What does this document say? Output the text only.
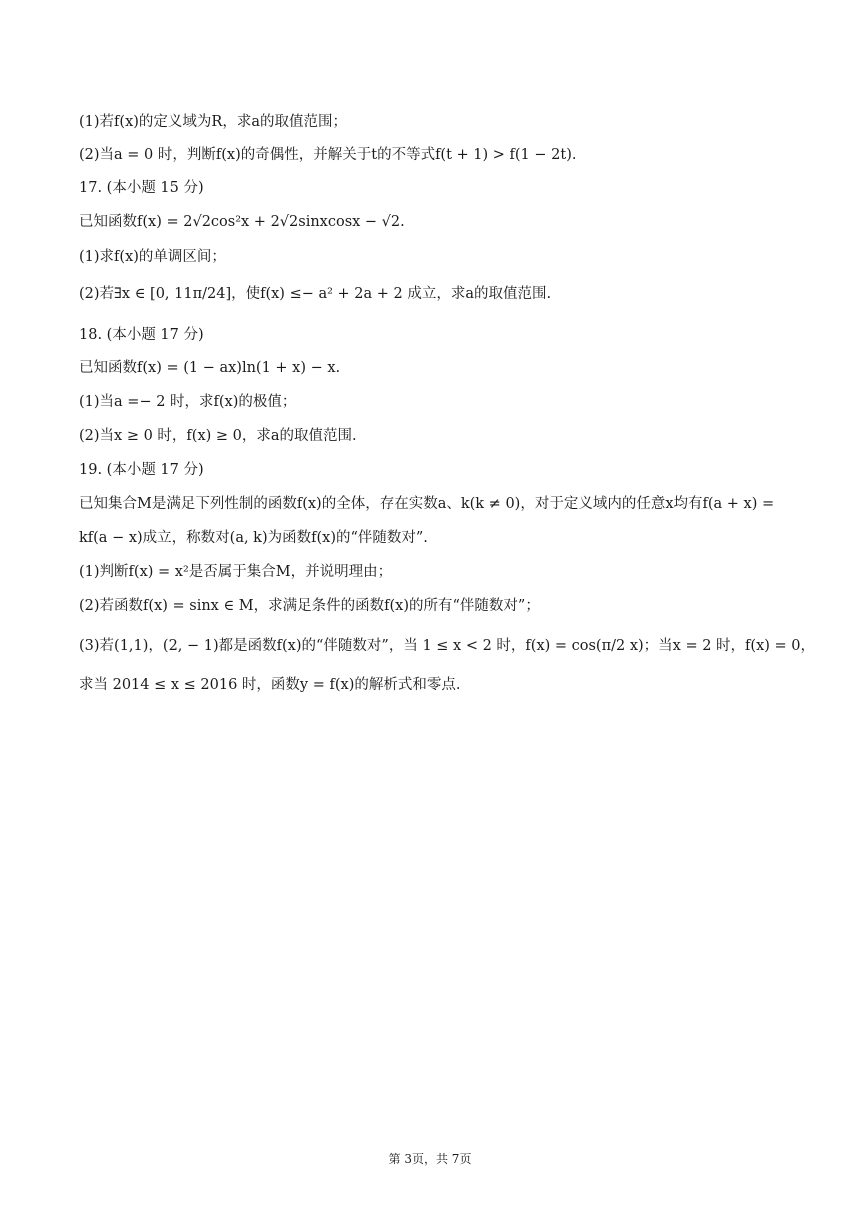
(1)若f(x)的定义域为R，求a的取值范围；
(2)当a = 0 时，判断f(x)的奇偶性，并解关于t的不等式f(t + 1) > f(1 − 2t).
17. (本小题 15 分)
已知函数f(x) = 2√2cos²x + 2√2sinxcosx − √2.
(1)求f(x)的单调区间；
(2)若∃x ∈ [0, 11π/24]，使f(x) ≤− a² + 2a + 2 成立，求a的取值范围.
18. (本小题 17 分)
已知函数f(x) = (1 − ax)ln(1 + x) − x.
(1)当a =− 2 时，求f(x)的极值；
(2)当x ≥ 0 时，f(x) ≥ 0，求a的取值范围.
19. (本小题 17 分)
已知集合M是满足下列性制的函数f(x)的全体，存在实数a、k(k ≠ 0)，对于定义域内的任意x均有f(a + x) =
kf(a − x)成立，称数对(a, k)为函数f(x)的“伴随数对”.
(1)判断f(x) = x²是否属于集合M，并说明理由；
(2)若函数f(x) = sinx ∈ M，求满足条件的函数f(x)的所有“伴随数对”；
(3)若(1,1)，(2, − 1)都是函数f(x)的“伴随数对”，当 1 ≤ x < 2 时，f(x) = cos(π/2 x)；当x = 2 时，f(x) = 0，
求当 2014 ≤ x ≤ 2016 时，函数y = f(x)的解析式和零点.
第 3页，共 7页
